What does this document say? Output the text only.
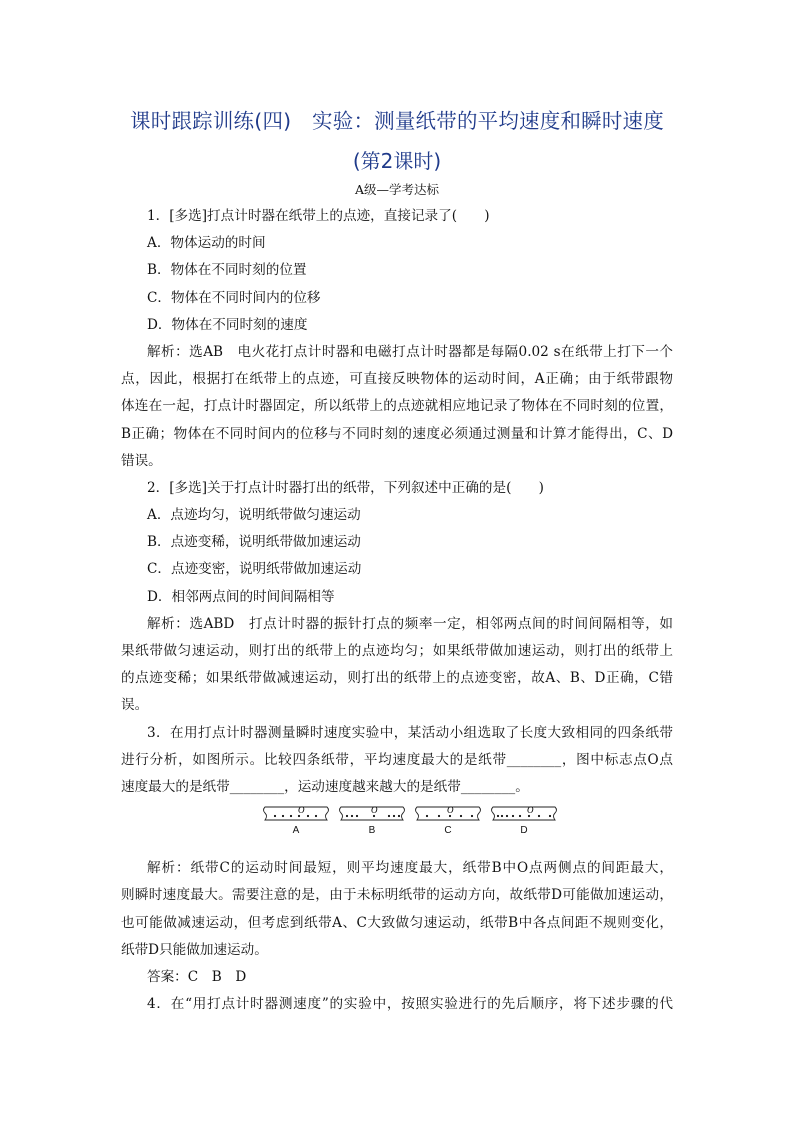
课时跟踪训练(四)　实验：测量纸带的平均速度和瞬时速度
(第2课时)
A级—学考达标
1．[多选]打点计时器在纸带上的点迹，直接记录了(　　)
A．物体运动的时间
B．物体在不同时刻的位置
C．物体在不同时间内的位移
D．物体在不同时刻的速度
解析：选AB　电火花打点计时器和电磁打点计时器都是每隔0.02 s在纸带上打下一个
点，因此，根据打在纸带上的点迹，可直接反映物体的运动时间，A正确；由于纸带跟物
体连在一起，打点计时器固定，所以纸带上的点迹就相应地记录了物体在不同时刻的位置，
B正确；物体在不同时间内的位移与不同时刻的速度必须通过测量和计算才能得出，C、D
错误。
2．[多选]关于打点计时器打出的纸带，下列叙述中正确的是(　　)
A．点迹均匀，说明纸带做匀速运动
B．点迹变稀，说明纸带做加速运动
C．点迹变密，说明纸带做加速运动
D．相邻两点间的时间间隔相等
解析：选ABD　打点计时器的振针打点的频率一定，相邻两点间的时间间隔相等，如
果纸带做匀速运动，则打出的纸带上的点迹均匀；如果纸带做加速运动，则打出的纸带上
的点迹变稀；如果纸带做减速运动，则打出的纸带上的点迹变密，故A、B、D正确，C错
误。
3．在用打点计时器测量瞬时速度实验中，某活动小组选取了长度大致相同的四条纸带
进行分析，如图所示。比较四条纸带，平均速度最大的是纸带________，图中标志点O点
速度最大的是纸带________，运动速度越来越大的是纸带________。
O
A
O
B
O
C
O
D
解析：纸带C的运动时间最短，则平均速度最大，纸带B中O点两侧点的间距最大，
则瞬时速度最大。需要注意的是，由于未标明纸带的运动方向，故纸带D可能做加速运动，
也可能做减速运动，但考虑到纸带A、C大致做匀速运动，纸带B中各点间距不规则变化，
纸带D只能做加速运动。
答案：C　B　D
4．在“用打点计时器测速度”的实验中，按照实验进行的先后顺序，将下述步骤的代
